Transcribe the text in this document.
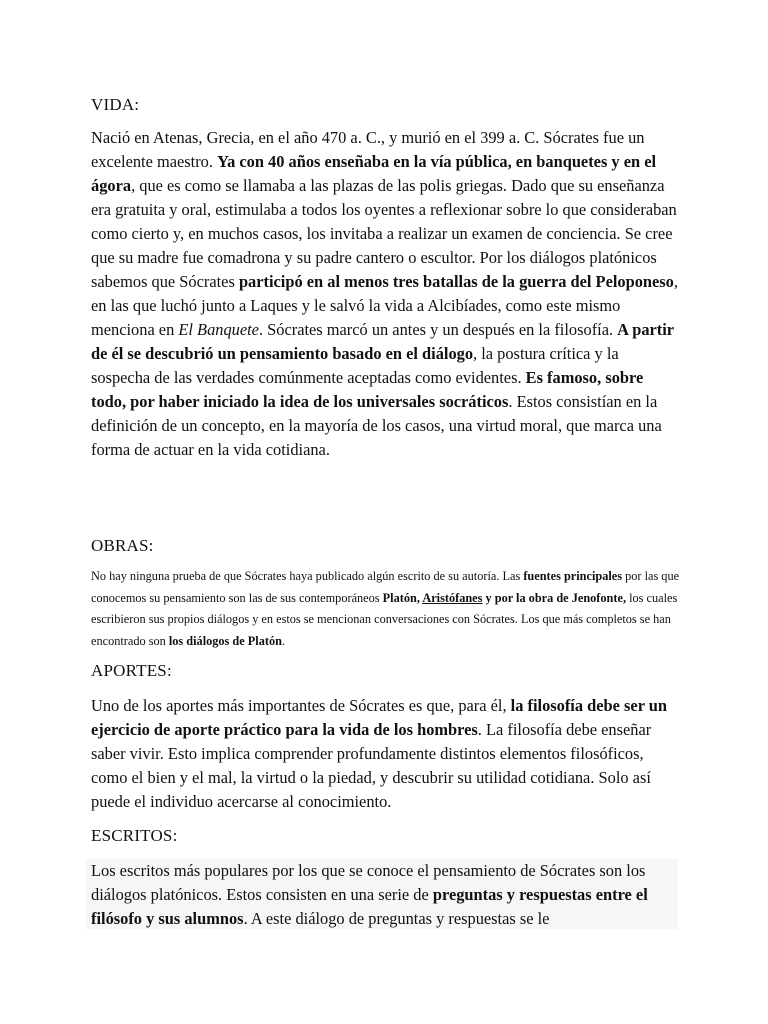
VIDA:
Nació en Atenas, Grecia, en el año 470 a. C., y murió en el 399 a. C. Sócrates fue un excelente maestro. Ya con 40 años enseñaba en la vía pública, en banquetes y en el ágora, que es como se llamaba a las plazas de las polis griegas. Dado que su enseñanza era gratuita y oral, estimulaba a todos los oyentes a reflexionar sobre lo que consideraban como cierto y, en muchos casos, los invitaba a realizar un examen de conciencia. Se cree que su madre fue comadrona y su padre cantero o escultor. Por los diálogos platónicos sabemos que Sócrates participó en al menos tres batallas de la guerra del Peloponeso, en las que luchó junto a Laques y le salvó la vida a Alcibíades, como este mismo menciona en El Banquete. Sócrates marcó un antes y un después en la filosofía. A partir de él se descubrió un pensamiento basado en el diálogo, la postura crítica y la sospecha de las verdades comúnmente aceptadas como evidentes. Es famoso, sobre todo, por haber iniciado la idea de los universales socráticos. Estos consistían en la definición de un concepto, en la mayoría de los casos, una virtud moral, que marca una forma de actuar en la vida cotidiana.
OBRAS:
No hay ninguna prueba de que Sócrates haya publicado algún escrito de su autoría. Las fuentes principales por las que conocemos su pensamiento son las de sus contemporáneos Platón, Aristófanes y por la obra de Jenofonte, los cuales escribieron sus propios diálogos y en estos se mencionan conversaciones con Sócrates. Los que más completos se han encontrado son los diálogos de Platón.
APORTES:
Uno de los aportes más importantes de Sócrates es que, para él, la filosofía debe ser un ejercicio de aporte práctico para la vida de los hombres. La filosofía debe enseñar saber vivir. Esto implica comprender profundamente distintos elementos filosóficos, como el bien y el mal, la virtud o la piedad, y descubrir su utilidad cotidiana. Solo así puede el individuo acercarse al conocimiento.
ESCRITOS:
Los escritos más populares por los que se conoce el pensamiento de Sócrates son los diálogos platónicos. Estos consisten en una serie de preguntas y respuestas entre el filósofo y sus alumnos. A este diálogo de preguntas y respuestas se le
